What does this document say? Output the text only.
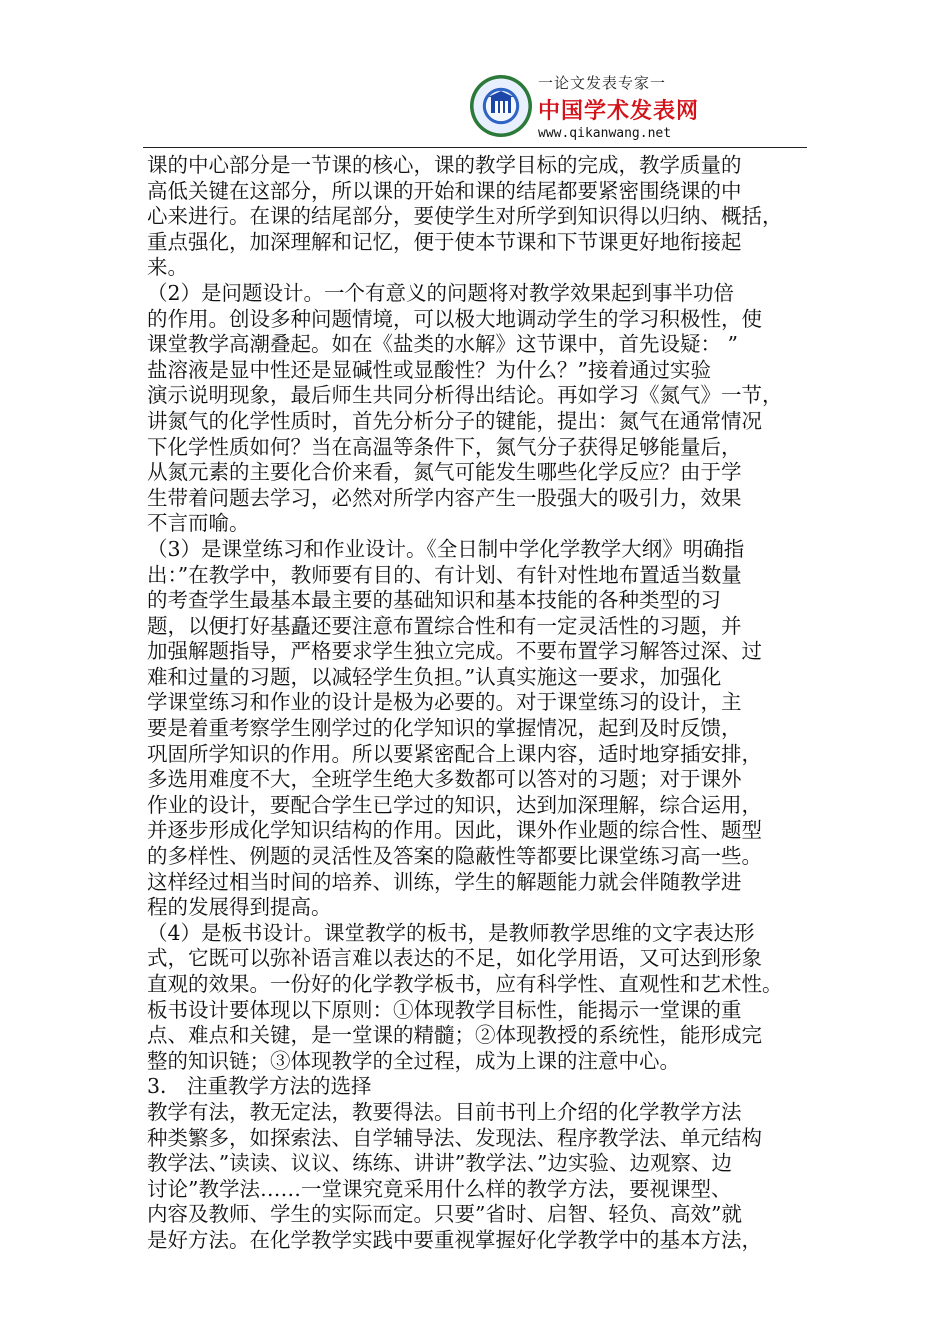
一论文发表专家一
中国学术发表网
www.qikanwang.net
课的中心部分是一节课的核心，课的教学目标的完成，教学质量的
高低关键在这部分，所以课的开始和课的结尾都要紧密围绕课的中
心来进行。在课的结尾部分，要使学生对所学到知识得以归纳、概括，
重点强化，加深理解和记忆，便于使本节课和下节课更好地衔接起
来。
（2）是问题设计。一个有意义的问题将对教学效果起到事半功倍
的作用。创设多种问题情境，可以极大地调动学生的学习积极性，使
课堂教学高潮叠起。如在《盐类的水解》这节课中，首先设疑： ”
盐溶液是显中性还是显碱性或显酸性？为什么？”接着通过实验
演示说明现象，最后师生共同分析得出结论。再如学习《氮气》一节，
讲氮气的化学性质时，首先分析分子的键能，提出：氮气在通常情况
下化学性质如何？当在高温等条件下，氮气分子获得足够能量后，
从氮元素的主要化合价来看，氮气可能发生哪些化学反应？由于学
生带着问题去学习，必然对所学内容产生一股强大的吸引力，效果
不言而喻。
（3）是课堂练习和作业设计。《全日制中学化学教学大纲》明确指
出：”在教学中，教师要有目的、有计划、有针对性地布置适当数量
的考查学生最基本最主要的基础知识和基本技能的各种类型的习
题，以便打好基矗还要注意布置综合性和有一定灵活性的习题，并
加强解题指导，严格要求学生独立完成。不要布置学习解答过深、过
难和过量的习题，以减轻学生负担。”认真实施这一要求，加强化
学课堂练习和作业的设计是极为必要的。对于课堂练习的设计，主
要是着重考察学生刚学过的化学知识的掌握情况，起到及时反馈，
巩固所学知识的作用。所以要紧密配合上课内容，适时地穿插安排，
多选用难度不大，全班学生绝大多数都可以答对的习题；对于课外
作业的设计，要配合学生已学过的知识，达到加深理解，综合运用，
并逐步形成化学知识结构的作用。因此，课外作业题的综合性、题型
的多样性、例题的灵活性及答案的隐蔽性等都要比课堂练习高一些。
这样经过相当时间的培养、训练，学生的解题能力就会伴随教学进
程的发展得到提高。
（4）是板书设计。课堂教学的板书，是教师教学思维的文字表达形
式，它既可以弥补语言难以表达的不足，如化学用语，又可达到形象
直观的效果。一份好的化学教学板书，应有科学性、直观性和艺术性。
板书设计要体现以下原则：①体现教学目标性，能揭示一堂课的重
点、难点和关键，是一堂课的精髓；②体现教授的系统性，能形成完
整的知识链；③体现教学的全过程，成为上课的注意中心。
3． 注重教学方法的选择
教学有法，教无定法，教要得法。目前书刊上介绍的化学教学方法
种类繁多，如探索法、自学辅导法、发现法、程序教学法、单元结构
教学法、”读读、议议、练练、讲讲”教学法、”边实验、边观察、边
讨论”教学法……一堂课究竟采用什么样的教学方法，要视课型、
内容及教师、学生的实际而定。只要”省时、启智、轻负、高效”就
是好方法。在化学教学实践中要重视掌握好化学教学中的基本方法，
